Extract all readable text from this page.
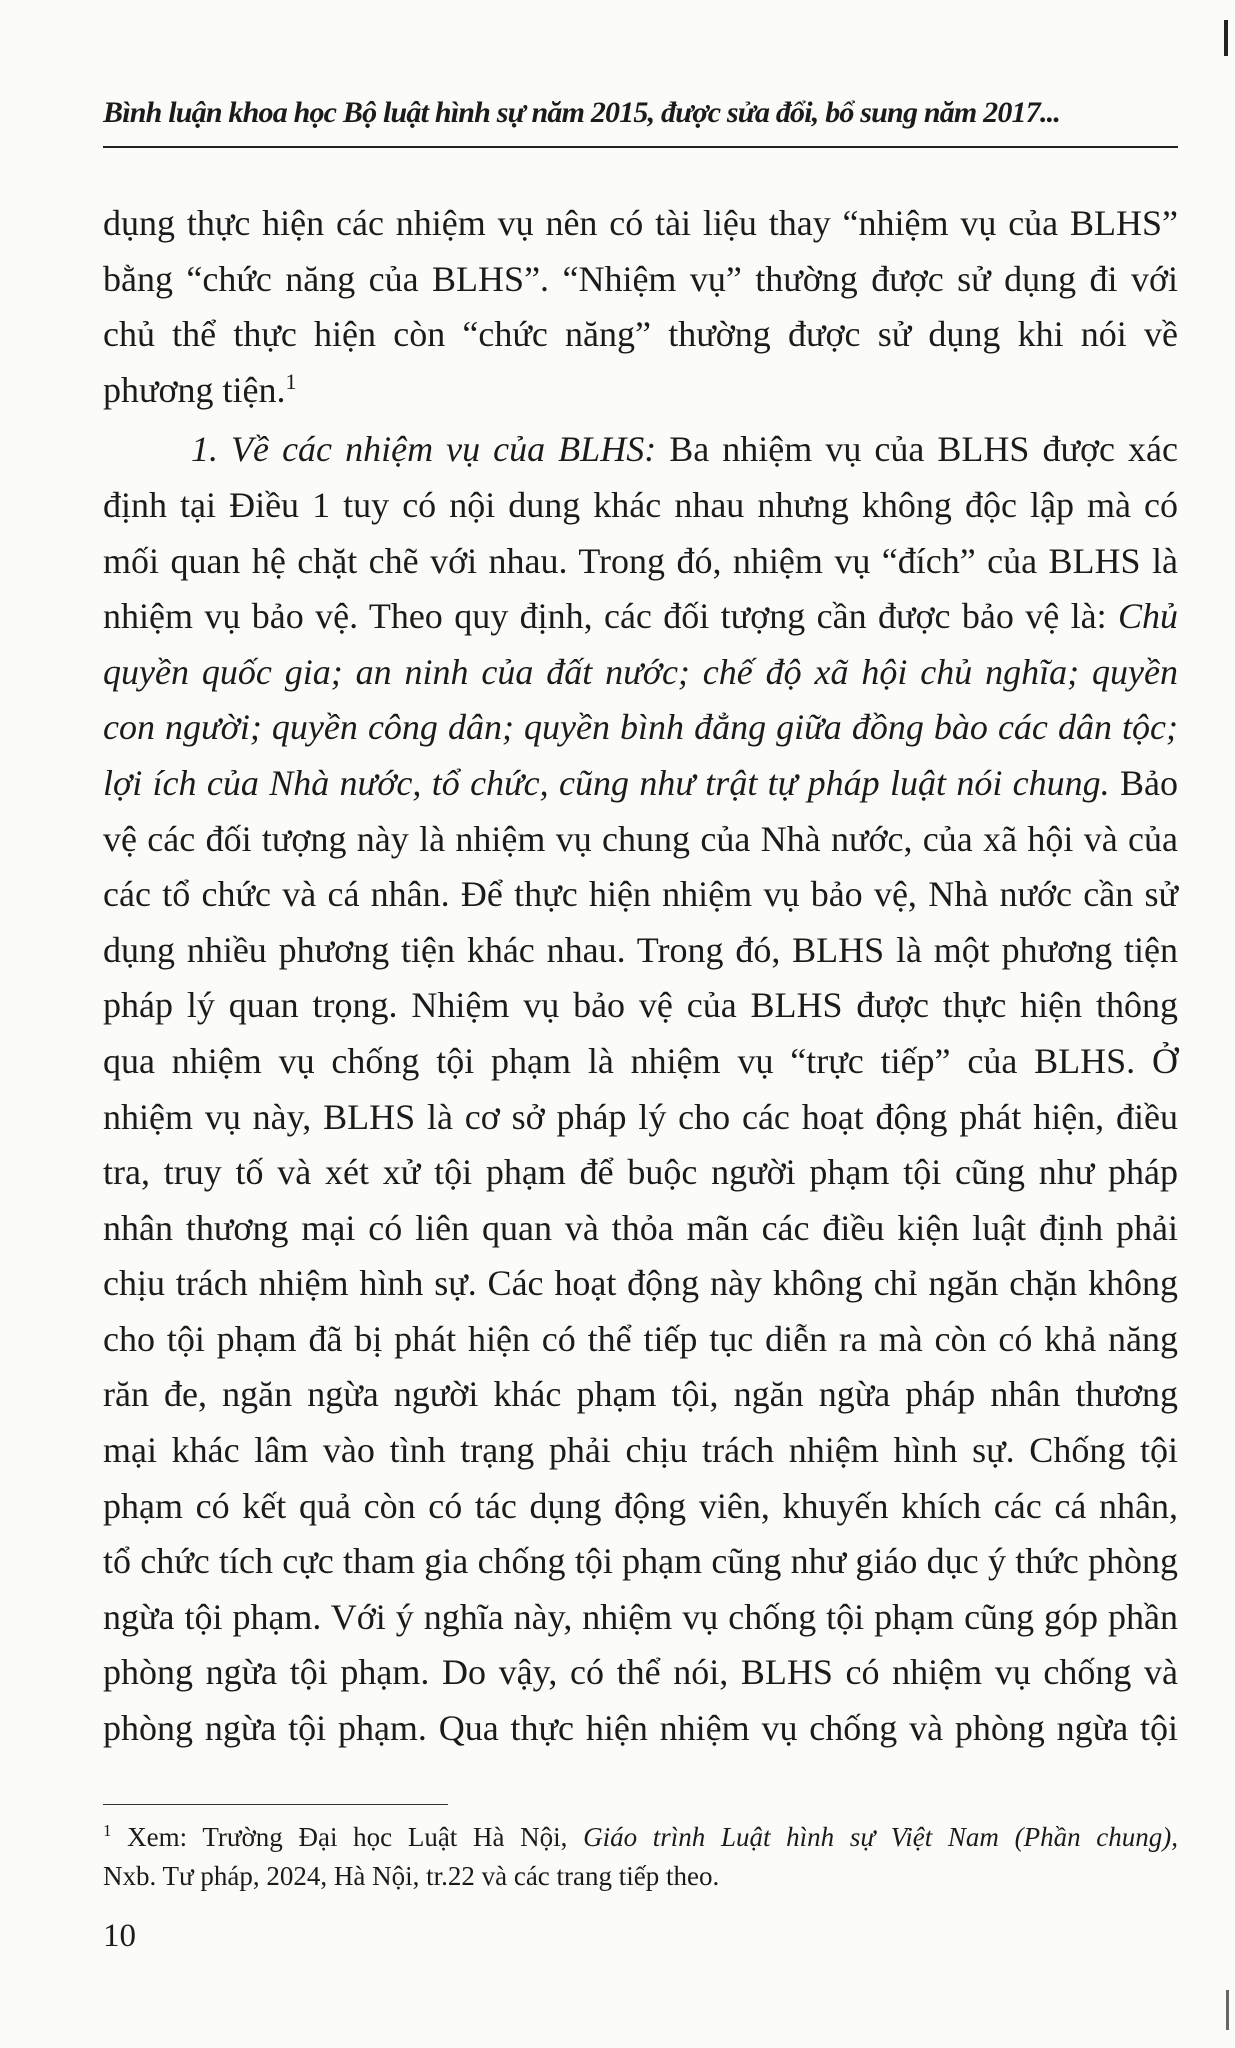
Bình luận khoa học Bộ luật hình sự năm 2015, được sửa đổi, bổ sung năm 2017...
dụng thực hiện các nhiệm vụ nên có tài liệu thay “nhiệm vụ của BLHS”
bằng “chức năng của BLHS”. “Nhiệm vụ” thường được sử dụng đi với
chủ thể thực hiện còn “chức năng” thường được sử dụng khi nói về
phương tiện.$^1$
1. Về các nhiệm vụ của BLHS: Ba nhiệm vụ của BLHS được xác
định tại Điều 1 tuy có nội dung khác nhau nhưng không độc lập mà có
mối quan hệ chặt chẽ với nhau. Trong đó, nhiệm vụ “đích” của BLHS là
nhiệm vụ bảo vệ. Theo quy định, các đối tượng cần được bảo vệ là: Chủ
quyền quốc gia; an ninh của đất nước; chế độ xã hội chủ nghĩa; quyền
con người; quyền công dân; quyền bình đẳng giữa đồng bào các dân tộc;
lợi ích của Nhà nước, tổ chức, cũng như trật tự pháp luật nói chung. Bảo
vệ các đối tượng này là nhiệm vụ chung của Nhà nước, của xã hội và của
các tổ chức và cá nhân. Để thực hiện nhiệm vụ bảo vệ, Nhà nước cần sử
dụng nhiều phương tiện khác nhau. Trong đó, BLHS là một phương tiện
pháp lý quan trọng. Nhiệm vụ bảo vệ của BLHS được thực hiện thông
qua nhiệm vụ chống tội phạm là nhiệm vụ “trực tiếp” của BLHS. Ở
nhiệm vụ này, BLHS là cơ sở pháp lý cho các hoạt động phát hiện, điều
tra, truy tố và xét xử tội phạm để buộc người phạm tội cũng như pháp
nhân thương mại có liên quan và thỏa mãn các điều kiện luật định phải
chịu trách nhiệm hình sự. Các hoạt động này không chỉ ngăn chặn không
cho tội phạm đã bị phát hiện có thể tiếp tục diễn ra mà còn có khả năng
răn đe, ngăn ngừa người khác phạm tội, ngăn ngừa pháp nhân thương
mại khác lâm vào tình trạng phải chịu trách nhiệm hình sự. Chống tội
phạm có kết quả còn có tác dụng động viên, khuyến khích các cá nhân,
tổ chức tích cực tham gia chống tội phạm cũng như giáo dục ý thức phòng
ngừa tội phạm. Với ý nghĩa này, nhiệm vụ chống tội phạm cũng góp phần
phòng ngừa tội phạm. Do vậy, có thể nói, BLHS có nhiệm vụ chống và
phòng ngừa tội phạm. Qua thực hiện nhiệm vụ chống và phòng ngừa tội
$^1$ Xem: Trường Đại học Luật Hà Nội, Giáo trình Luật hình sự Việt Nam (Phần chung),
Nxb. Tư pháp, 2024, Hà Nội, tr.22 và các trang tiếp theo.
10
